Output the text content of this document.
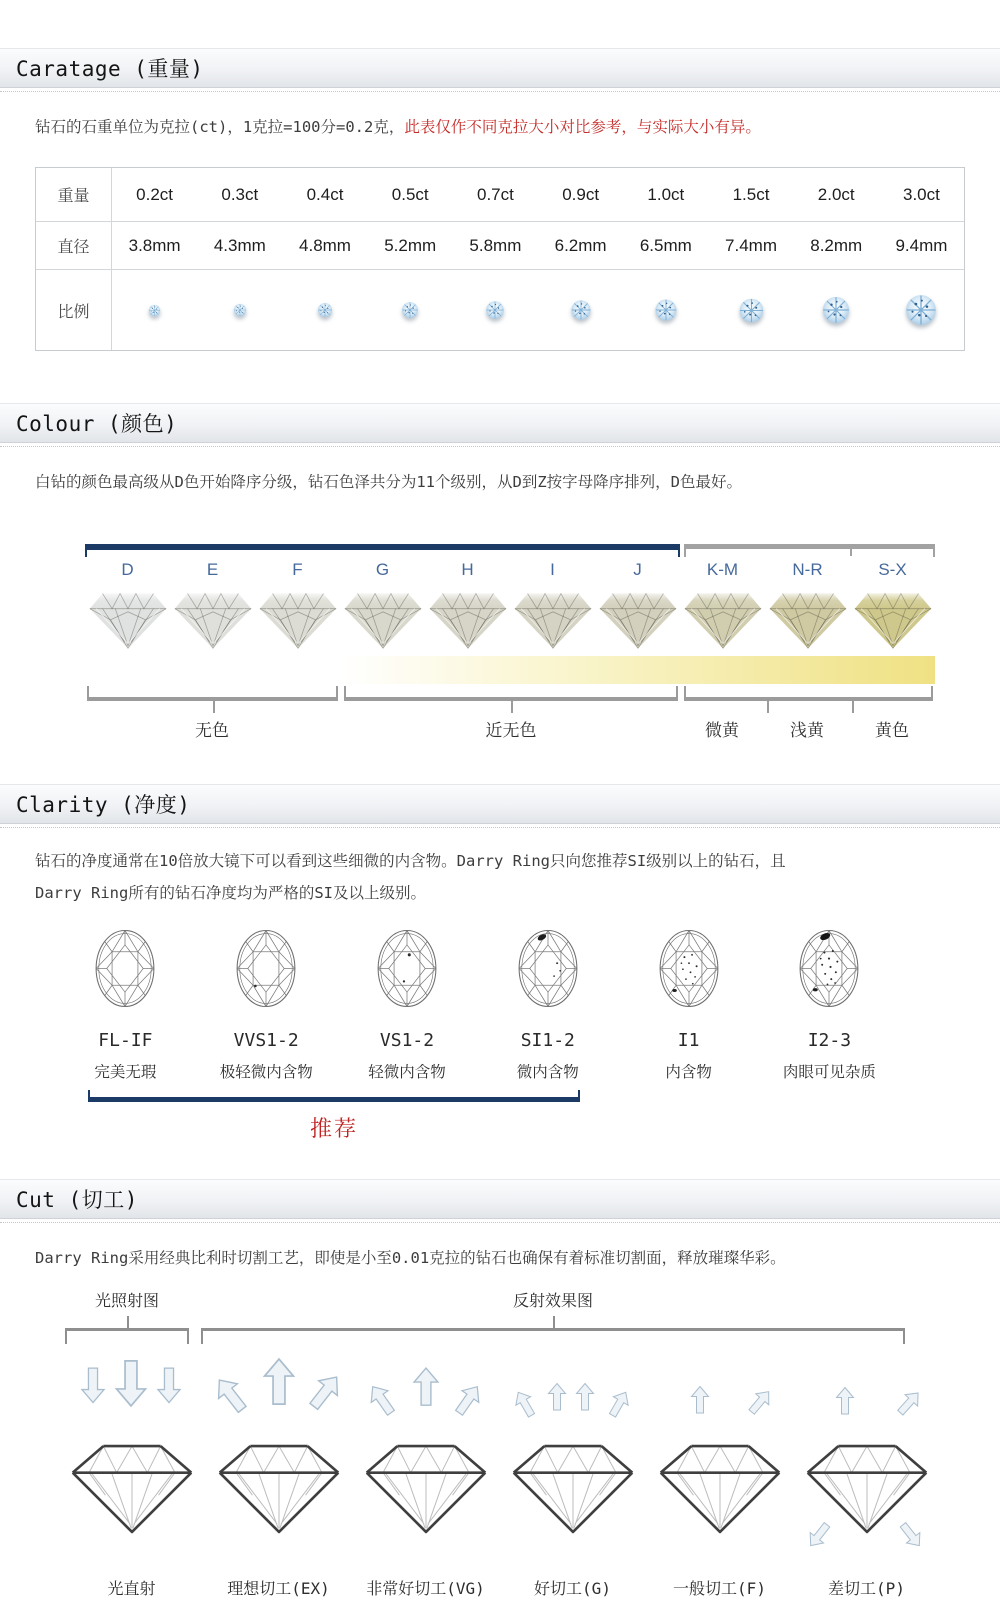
Caratage (重量)
钻石的石重单位为克拉(ct)，1克拉=100分=0.2克，此表仅作不同克拉大小对比参考，与实际大小有异。
重量	0.2ct	0.3ct	0.4ct	0.5ct	0.7ct	0.9ct	1.0ct	1.5ct	2.0ct	3.0ct
直径	3.8mm	4.3mm	4.8mm	5.2mm	5.8mm	6.2mm	6.5mm	7.4mm	8.2mm	9.4mm
比例
Colour (颜色)
白钻的颜色最高级从D色开始降序分级，钻石色泽共分为11个级别，从D到Z按字母降序排列，D色最好。
D	E	F	G	H	I	J	K-M	N-R	S-X
无色	近无色	微黄	浅黄	黄色
Clarity (净度)
钻石的净度通常在10倍放大镜下可以看到这些细微的内含物。Darry Ring只向您推荐SI级别以上的钻石，且
Darry Ring所有的钻石净度均为严格的SI及以上级别。
FL-IF
完美无瑕
VVS1-2
极轻微内含物
VS1-2
轻微内含物
SI1-2
微内含物
I1
内含物
I2-3
肉眼可见杂质
推荐
Cut (切工)
Darry Ring采用经典比利时切割工艺，即使是小至0.01克拉的钻石也确保有着标准切割面，释放璀璨华彩。
光照射图	反射效果图
光直射	理想切工(EX)	非常好切工(VG)	好切工(G)	一般切工(F)	差切工(P)
